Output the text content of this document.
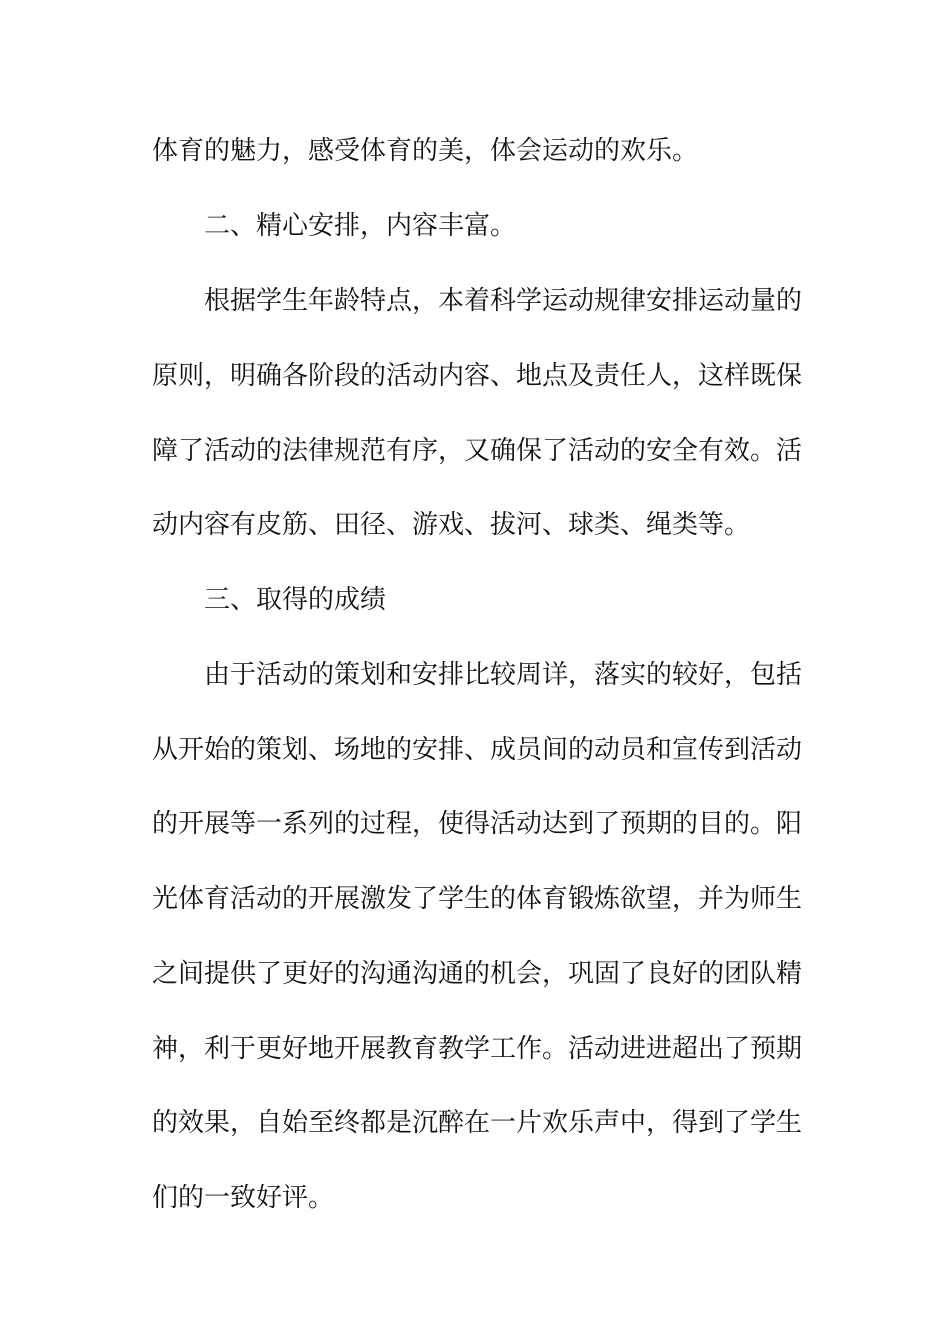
体育的魅力，感受体育的美，体会运动的欢乐。
二、精心安排，内容丰富。
根据学生年龄特点，本着科学运动规律安排运动量的
原则，明确各阶段的活动内容、地点及责任人，这样既保
障了活动的法律规范有序，又确保了活动的安全有效。活
动内容有皮筋、田径、游戏、拔河、球类、绳类等。
三、取得的成绩
由于活动的策划和安排比较周详，落实的较好，包括
从开始的策划、场地的安排、成员间的动员和宣传到活动
的开展等一系列的过程，使得活动达到了预期的目的。阳
光体育活动的开展激发了学生的体育锻炼欲望，并为师生
之间提供了更好的沟通沟通的机会，巩固了良好的团队精
神，利于更好地开展教育教学工作。活动进进超出了预期
的效果，自始至终都是沉醉在一片欢乐声中，得到了学生
们的一致好评。
